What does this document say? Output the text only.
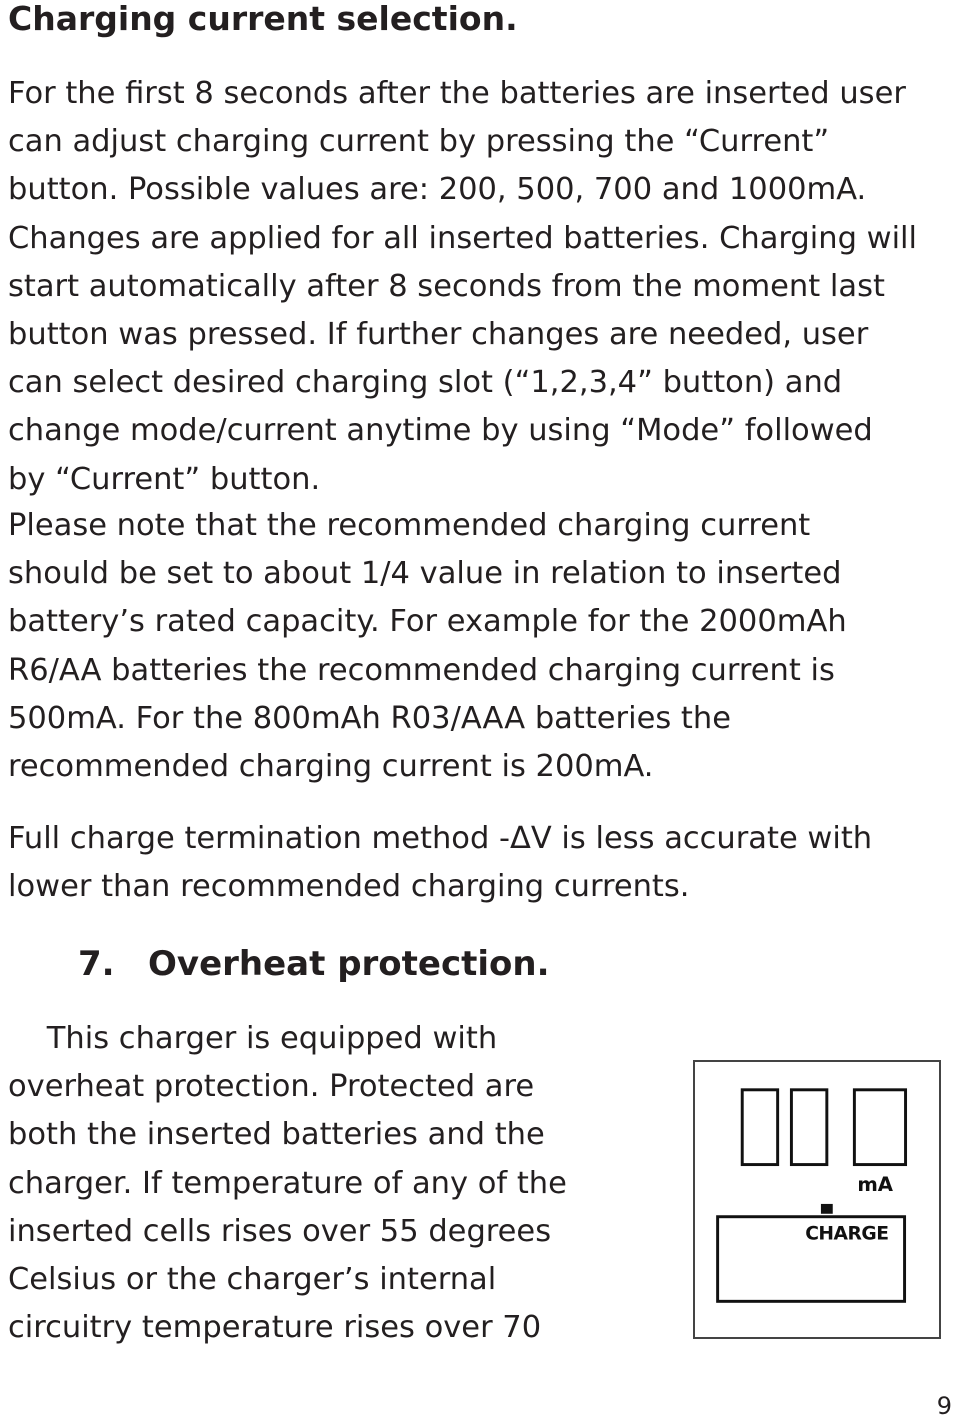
Charging current selection.
For the first 8 seconds after the batteries are inserted user
can adjust charging current by pressing the “Current”
button. Possible values are: 200, 500, 700 and 1000mA.
Changes are applied for all inserted batteries. Charging will
start automatically after 8 seconds from the moment last
button was pressed. If further changes are needed, user
can select desired charging slot (“1,2,3,4” button) and
change mode/current anytime by using “Mode” followed
by “Current” button.
Please note that the recommended charging current
should be set to about 1/4 value in relation to inserted
battery’s rated capacity. For example for the 2000mAh
R6/AA batteries the recommended charging current is
500mA. For the 800mAh R03/AAA batteries the
recommended charging current is 200mA.
Full charge termination method -ΔV is less accurate with
lower than recommended charging currents.
7. Overheat protection.
This charger is equipped with
overheat protection. Protected are
both the inserted batteries and the
charger. If temperature of any of the
inserted cells rises over 55 degrees
Celsius or the charger’s internal
circuitry temperature rises over 70
mA
CHARGE
9
